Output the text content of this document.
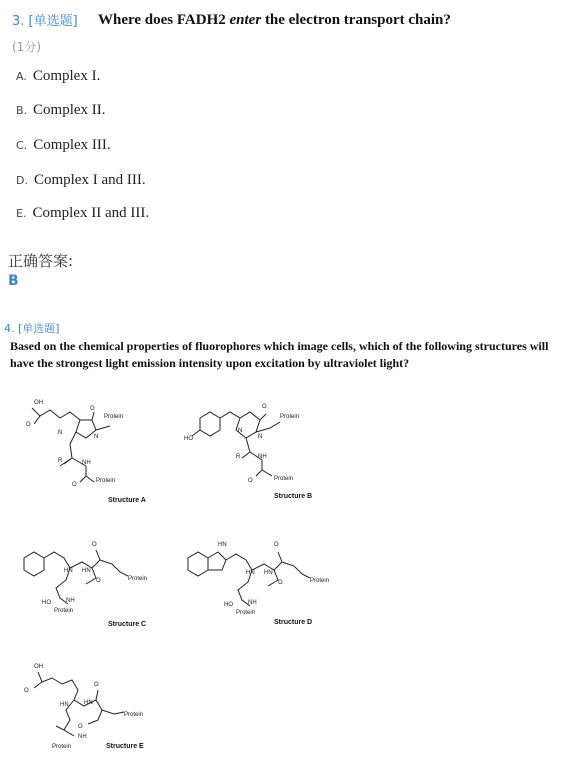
3. [单选题] Where does FADH2 enter the electron transport chain?
(1分)
A. Complex I.
B. Complex II.
C. Complex III.
D. Complex I and III.
E. Complex II and III.
正确答案:
B
4. [单选题]
Based on the chemical properties of fluorophores which image cells, which of the following structures will have the strongest light emission intensity upon excitation by ultraviolet light?
OH
O
O
N
N
R	NH
O
Protein
Protein
Structure A
HO
O
N
N
R	NH
O
Protein
Protein
Structure B
HN HN
O
O
HO	NH
Protein
Protein
Structure C
HN
HN HN
O
O
HO	NH
Protein
Protein
Structure D
OH
O
HN	HN
O
O
NH
Protein
Protein	Structure E
